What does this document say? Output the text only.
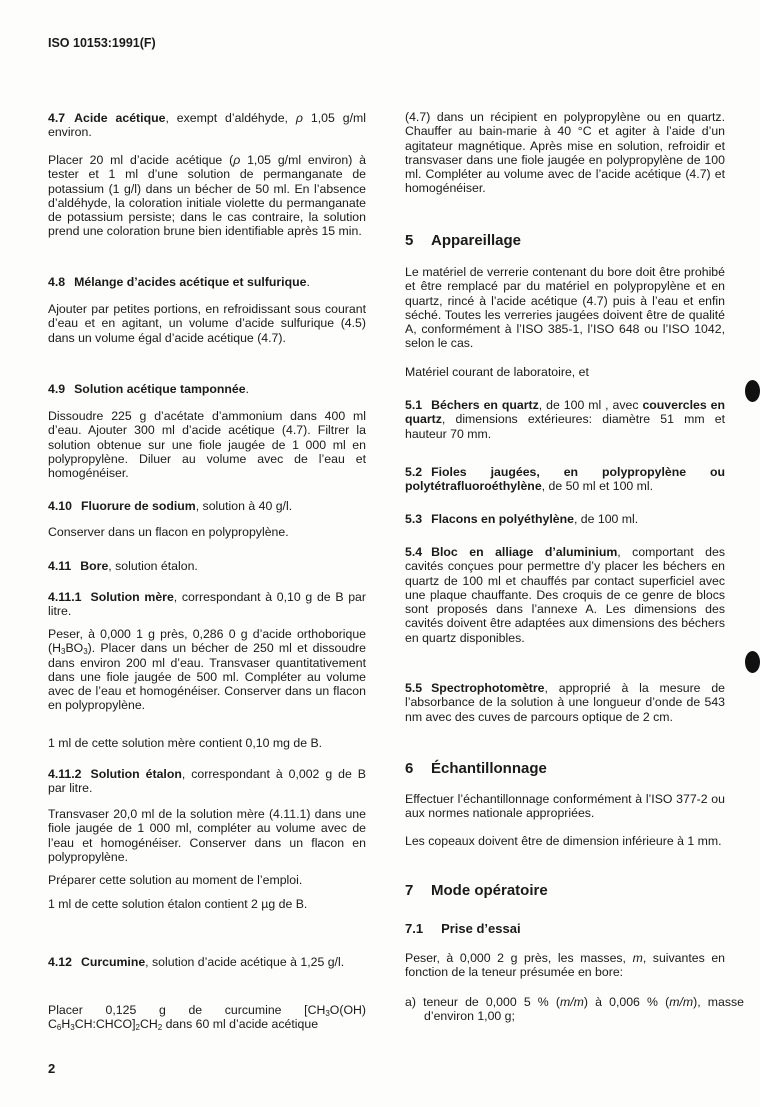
ISO 10153:1991(F)
4.7 Acide acétique, exempt d’aldéhyde, ρ 1,05 g/ml environ.
Placer 20 ml d’acide acétique (ρ 1,05 g/ml environ) à tester et 1 ml d’une solution de permanganate de potassium (1 g/l) dans un bécher de 50 ml. En l’absence d’aldéhyde, la coloration initiale violette du permanganate de potassium persiste; dans le cas contraire, la solution prend une coloration brune bien identifiable après 15 min.
4.8 Mélange d’acides acétique et sulfurique.
Ajouter par petites portions, en refroidissant sous courant d’eau et en agitant, un volume d’acide sulfurique (4.5) dans un volume égal d’acide acétique (4.7).
4.9 Solution acétique tamponnée.
Dissoudre 225 g d’acétate d’ammonium dans 400 ml d’eau. Ajouter 300 ml d’acide acétique (4.7). Filtrer la solution obtenue sur une fiole jaugée de 1 000 ml en polypropylène. Diluer au volume avec de l’eau et homogénéiser.
4.10 Fluorure de sodium, solution à 40 g/l.
Conserver dans un flacon en polypropylène.
4.11 Bore, solution étalon.
4.11.1 Solution mère, correspondant à 0,10 g de B par litre.
Peser, à 0,000 1 g près, 0,286 0 g d’acide orthoborique $(H_3BO_3)$. Placer dans un bécher de 250 ml et dissoudre dans environ 200 ml d’eau. Transvaser quantitativement dans une fiole jaugée de 500 ml. Compléter au volume avec de l’eau et homogénéiser. Conserver dans un flacon en polypropylène.
1 ml de cette solution mère contient 0,10 mg de B.
4.11.2 Solution étalon, correspondant à 0,002 g de B par litre.
Transvaser 20,0 ml de la solution mère (4.11.1) dans une fiole jaugée de 1 000 ml, compléter au volume avec de l’eau et homogénéiser. Conserver dans un flacon en polypropylène.
Préparer cette solution au moment de l’emploi.
1 ml de cette solution étalon contient 2 µg de B.
4.12 Curcumine, solution d’acide acétique à 1,25 g/l.
Placer 0,125 g de curcumine [$CH_3O(OH)$ $C_6H_3CH:CHCO]_2CH_2$ dans 60 ml d’acide acétique
(4.7) dans un récipient en polypropylène ou en quartz. Chauffer au bain-marie à 40 °C et agiter à l’aide d’un agitateur magnétique. Après mise en solution, refroidir et transvaser dans une fiole jaugée en polypropylène de 100 ml. Compléter au volume avec de l’acide acétique (4.7) et homogénéiser.
5 Appareillage
Le matériel de verrerie contenant du bore doit être prohibé et être remplacé par du matériel en polypropylène et en quartz, rincé à l’acide acétique (4.7) puis à l’eau et enfin séché. Toutes les verreries jaugées doivent être de qualité A, conformément à l’ISO 385-1, l’ISO 648 ou l’ISO 1042, selon le cas.
Matériel courant de laboratoire, et
5.1 Béchers en quartz, de 100 ml , avec couvercles en quartz, dimensions extérieures: diamètre 51 mm et hauteur 70 mm.
5.2 Fioles jaugées, en polypropylène ou polytétrafluoroéthylène, de 50 ml et 100 ml.
5.3 Flacons en polyéthylène, de 100 ml.
5.4 Bloc en alliage d’aluminium, comportant des cavités conçues pour permettre d’y placer les béchers en quartz de 100 ml et chauffés par contact superficiel avec une plaque chauffante. Des croquis de ce genre de blocs sont proposés dans l’annexe A. Les dimensions des cavités doivent être adaptées aux dimensions des béchers en quartz disponibles.
5.5 Spectrophotomètre, approprié à la mesure de l’absorbance de la solution à une longueur d’onde de 543 nm avec des cuves de parcours optique de 2 cm.
6 Échantillonnage
Effectuer l’échantillonnage conformément à l’ISO 377-2 ou aux normes nationale appropriées.
Les copeaux doivent être de dimension inférieure à 1 mm.
7 Mode opératoire
7.1 Prise d’essai
Peser, à 0,000 2 g près, les masses, m, suivantes en fonction de la teneur présumée en bore:
a) teneur de 0,000 5 % (m/m) à 0,006 % (m/m), masse d’environ 1,00 g;
2
